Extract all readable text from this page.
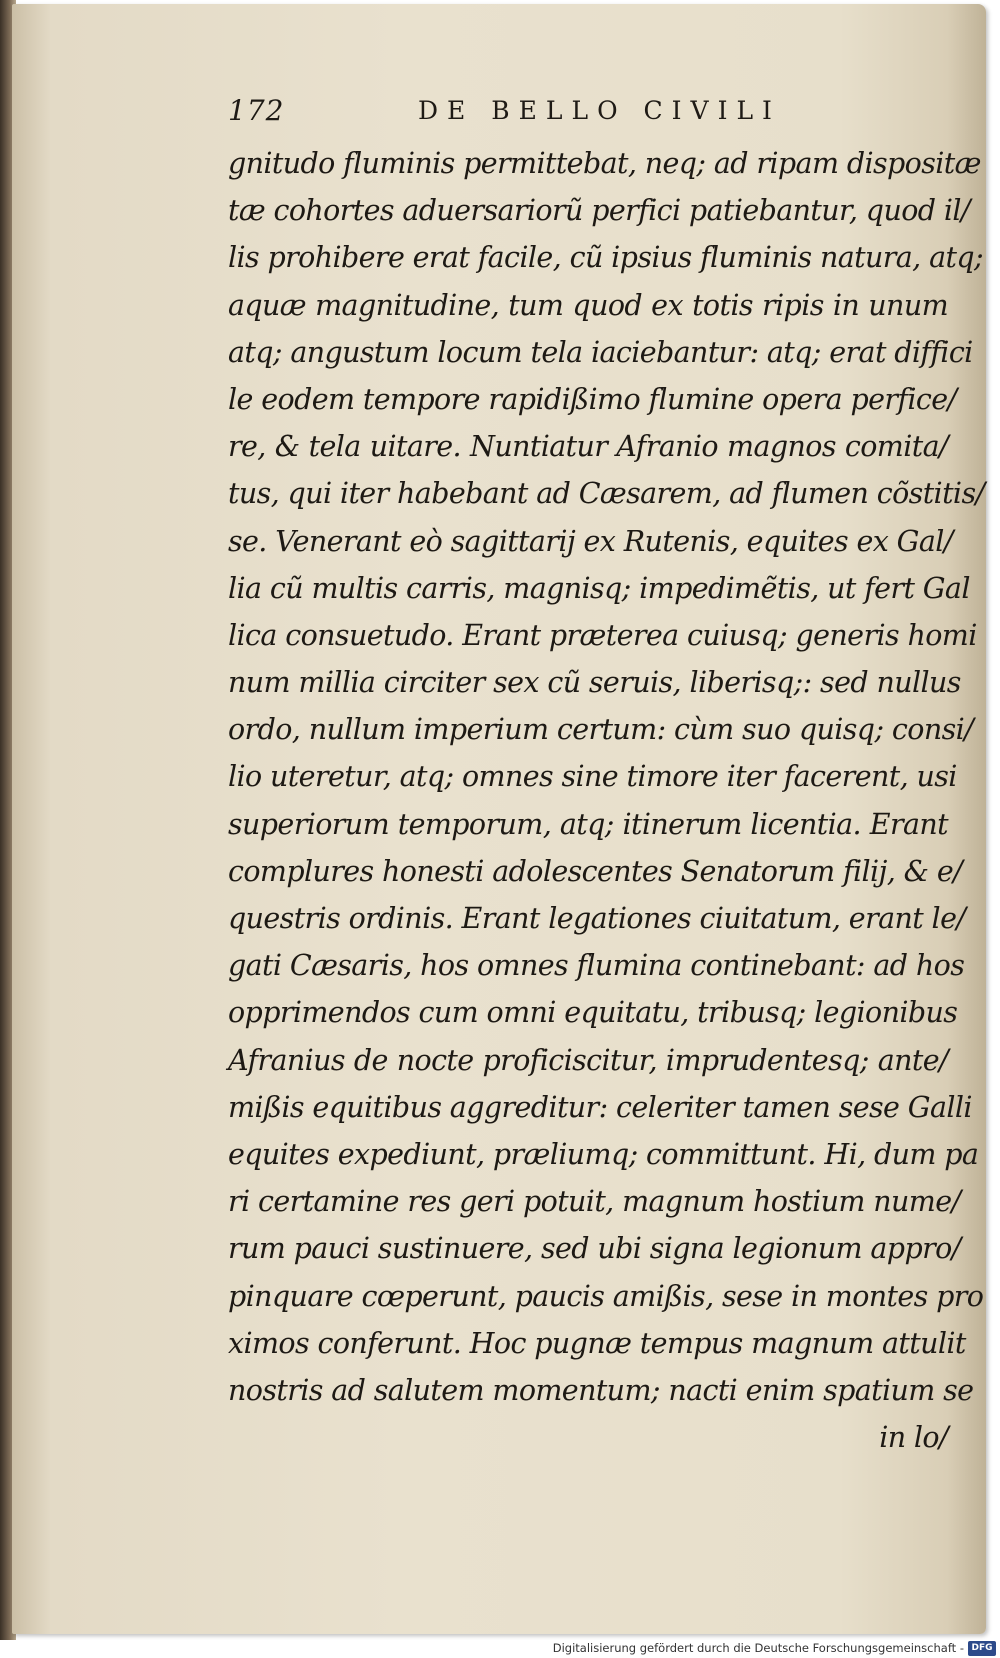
172	DE BELLO CIVILI
gnitudo fluminis permittebat, neq; ad ripam dispositæ
tæ cohortes aduersariorũ perfici patiebantur, quod il/
lis prohibere erat facile, cũ ipsius fluminis natura, atq;
aquæ magnitudine, tum quod ex totis ripis in unum
atq; angustum locum tela iaciebantur: atq; erat diffici
le eodem tempore rapidißimo flumine opera perfice/
re, & tela uitare. Nuntiatur Afranio magnos comita/
tus, qui iter habebant ad Cæsarem, ad flumen cõstitis/
se. Venerant eò sagittarij ex Rutenis, equites ex Gal/
lia cũ multis carris, magnisq; impedimẽtis, ut fert Gal
lica consuetudo. Erant præterea cuiusq; generis homi
num millia circiter sex cũ seruis, liberisq;: sed nullus
ordo, nullum imperium certum: cùm suo quisq; consi/
lio uteretur, atq; omnes sine timore iter facerent, usi
superiorum temporum, atq; itinerum licentia. Erant
complures honesti adolescentes Senatorum filij, & e/
questris ordinis. Erant legationes ciuitatum, erant le/
gati Cæsaris, hos omnes flumina continebant: ad hos
opprimendos cum omni equitatu, tribusq; legionibus
Afranius de nocte proficiscitur, imprudentesq; ante/
mißis equitibus aggreditur: celeriter tamen sese Galli
equites expediunt, præliumq; committunt. Hi, dum pa
ri certamine res geri potuit, magnum hostium nume/
rum pauci sustinuere, sed ubi signa legionum appro/
pinquare cœperunt, paucis amißis, sese in montes pro
ximos conferunt. Hoc pugnæ tempus magnum attulit
nostris ad salutem momentum; nacti enim spatium se
in lo/
Digitalisierung gefördert durch die Deutsche Forschungsgemeinschaft - DFG
